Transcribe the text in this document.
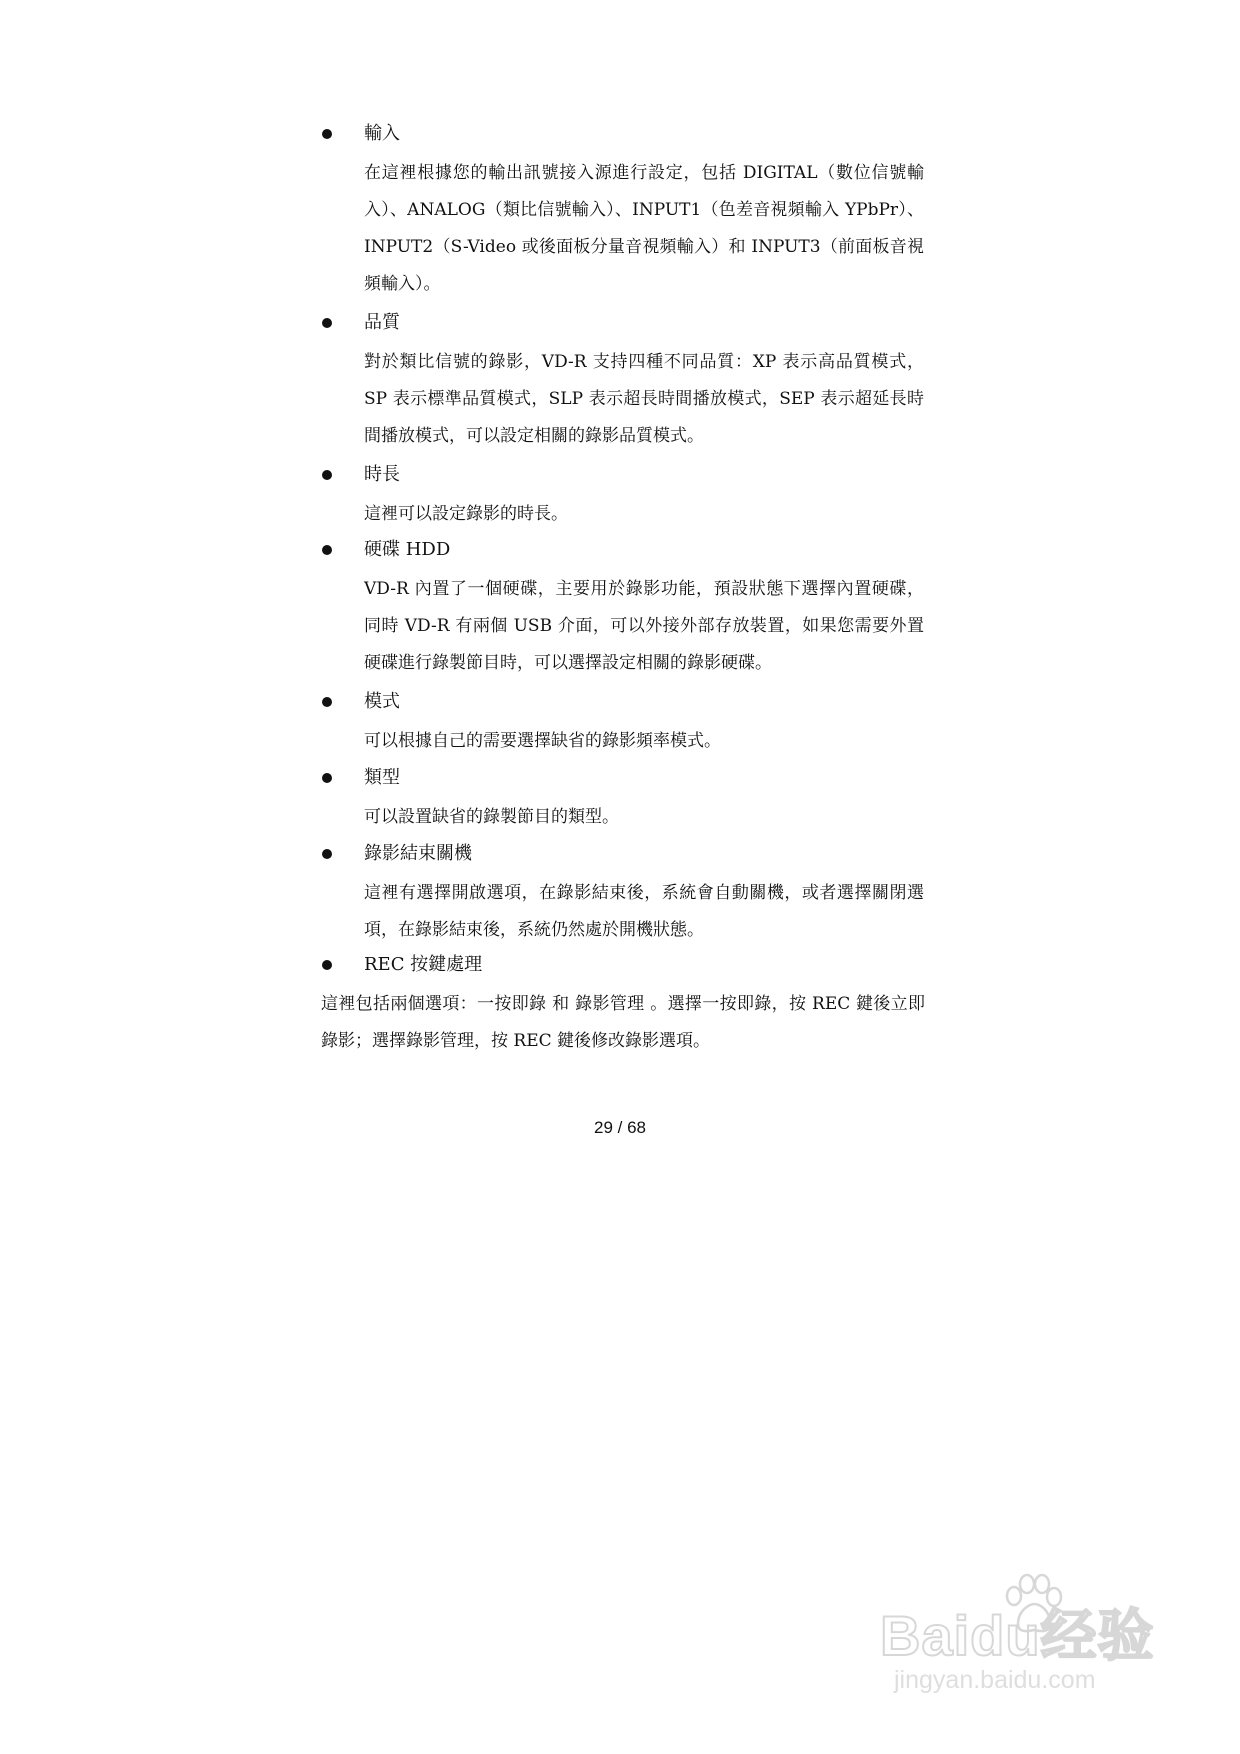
輸入
在這裡根據您的輸出訊號接入源進行設定，包括 DIGITAL（數位信號輸入）、ANALOG（類比信號輸入）、INPUT1（色差音視頻輸入 YPbPr）、INPUT2（S-Video 或後面板分量音視頻輸入）和 INPUT3（前面板音視頻輸入）。
品質
對於類比信號的錄影，VD-R 支持四種不同品質：XP 表示高品質模式，SP 表示標準品質模式，SLP 表示超長時間播放模式，SEP 表示超延長時間播放模式，可以設定相關的錄影品質模式。
時長
這裡可以設定錄影的時長。
硬碟 HDD
VD-R 內置了一個硬碟，主要用於錄影功能，預設狀態下選擇內置硬碟，同時 VD-R 有兩個 USB 介面，可以外接外部存放裝置，如果您需要外置硬碟進行錄製節目時，可以選擇設定相關的錄影硬碟。
模式
可以根據自己的需要選擇缺省的錄影頻率模式。
類型
可以設置缺省的錄製節目的類型。
錄影結束關機
這裡有選擇開啟選項，在錄影結束後，系統會自動關機，或者選擇關閉選項，在錄影結束後，系統仍然處於開機狀態。
REC 按鍵處理
這裡包括兩個選項：一按即錄 和 錄影管理 。選擇一按即錄，按 REC 鍵後立即錄影；選擇錄影管理，按 REC 鍵後修改錄影選項。
29 / 68
Baidu经验
jingyan.baidu.com
